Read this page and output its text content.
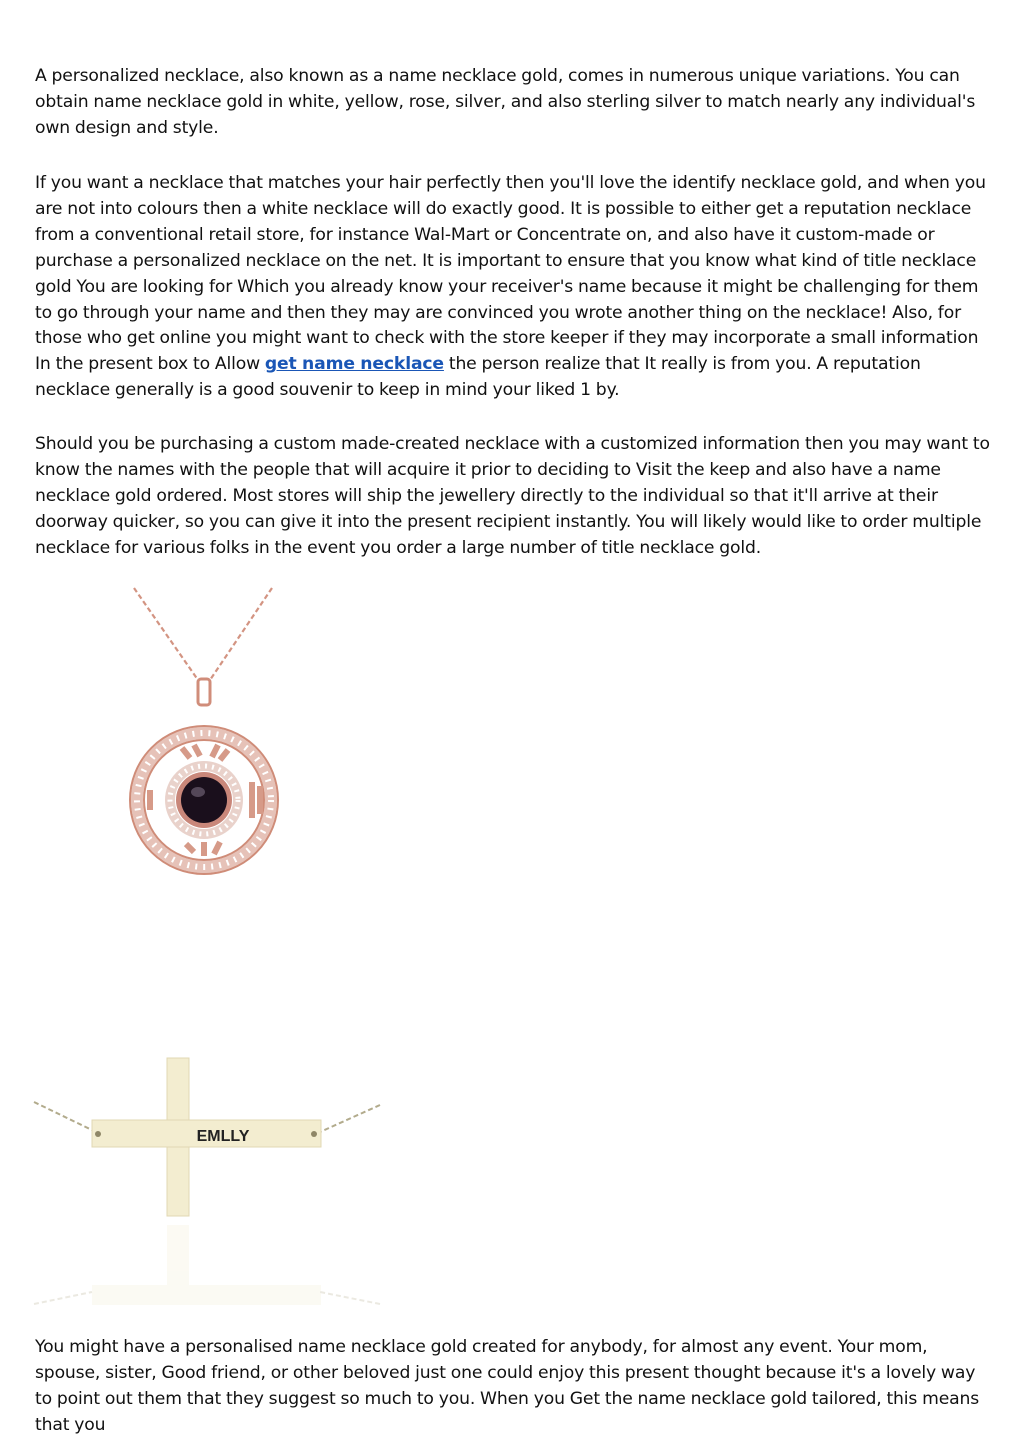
A personalized necklace, also known as a name necklace gold, comes in numerous unique variations. You can obtain name necklace gold in white, yellow, rose, silver, and also sterling silver to match nearly any individual's own design and style.

If you want a necklace that matches your hair perfectly then you'll love the identify necklace gold, and when you are not into colours then a white necklace will do exactly good. It is possible to either get a reputation necklace from a conventional retail store, for instance Wal-Mart or Concentrate on, and also have it custom-made or purchase a personalized necklace on the net. It is important to ensure that you know what kind of title necklace gold You are looking for Which you already know your receiver's name because it might be challenging for them to go through your name and then they may are convinced you wrote another thing on the necklace! Also, for those who get online you might want to check with the store keeper if they may incorporate a small information In the present box to Allow get name necklace the person realize that It really is from you. A reputation necklace generally is a good souvenir to keep in mind your liked 1 by.

Should you be purchasing a custom made-created necklace with a customized information then you may want to know the names with the people that will acquire it prior to deciding to Visit the keep and also have a name necklace gold ordered. Most stores will ship the jewellery directly to the individual so that it'll arrive at their doorway quicker, so you can give it into the present recipient instantly. You will likely would like to order multiple necklace for various folks in the event you order a large number of title necklace gold.

EMLLY

You might have a personalised name necklace gold created for anybody, for almost any event. Your mom, spouse, sister, Good friend, or other beloved just one could enjoy this present thought because it's a lovely way to point out them that they suggest so much to you. When you Get the name necklace gold tailored, this means that you
